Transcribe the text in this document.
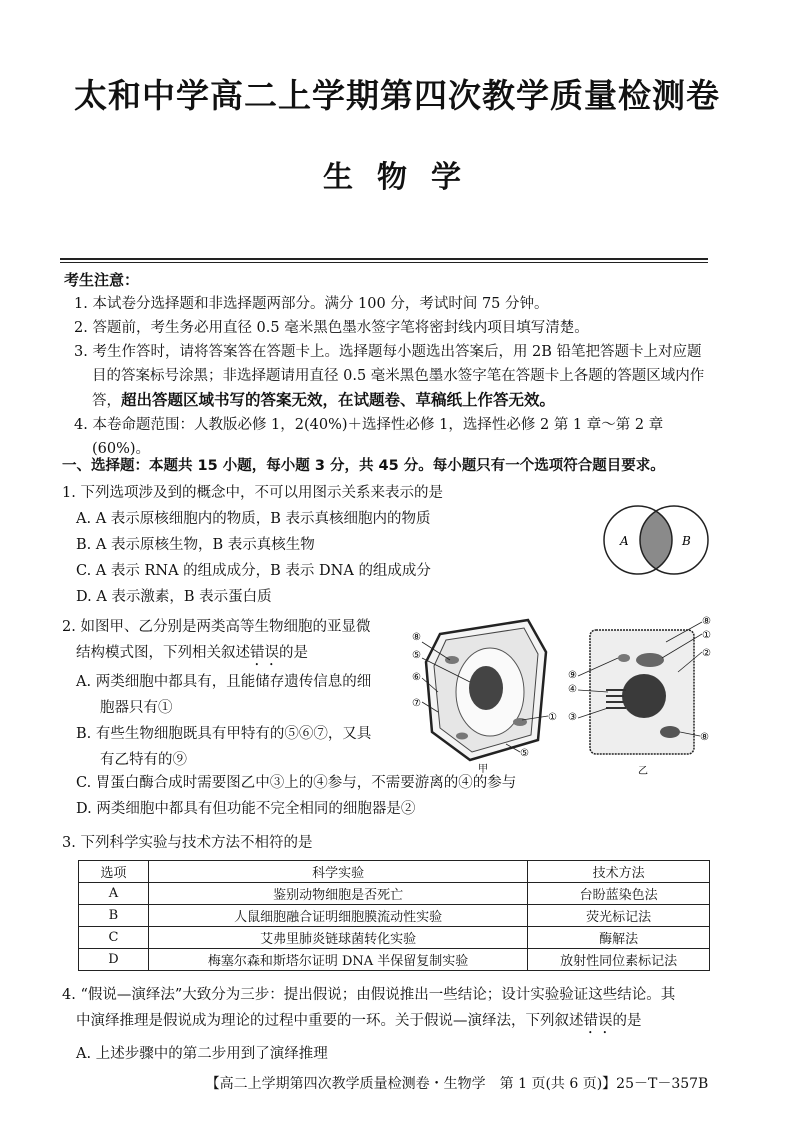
太和中学高二上学期第四次教学质量检测卷
生物学
考生注意：
1. 本试卷分选择题和非选择题两部分。满分 100 分，考试时间 75 分钟。
2. 答题前，考生务必用直径 0.5 毫米黑色墨水签字笔将密封线内项目填写清楚。
3. 考生作答时，请将答案答在答题卡上。选择题每小题选出答案后，用 2B 铅笔把答题卡上对应题目的答案标号涂黑；非选择题请用直径 0.5 毫米黑色墨水签字笔在答题卡上各题的答题区域内作答，超出答题区域书写的答案无效，在试题卷、草稿纸上作答无效。
4. 本卷命题范围：人教版必修 1，2(40%)＋选择性必修 1，选择性必修 2 第 1 章～第 2 章(60%)。
一、选择题：本题共 15 小题，每小题 3 分，共 45 分。每小题只有一个选项符合题目要求。
1. 下列选项涉及到的概念中，不可以用图示关系来表示的是
A. A 表示原核细胞内的物质，B 表示真核细胞内的物质
B. A 表示原核生物，B 表示真核生物
C. A 表示 RNA 的组成成分，B 表示 DNA 的组成成分
D. A 表示激素，B 表示蛋白质
A	B
2. 如图甲、乙分别是两类高等生物细胞的亚显微
结构模式图，下列相关叙述错误的是
A. 两类细胞中都具有，且能储存遗传信息的细
胞器只有①
B. 有些生物细胞既具有甲特有的⑤⑥⑦，又具
有乙特有的⑨
C. 胃蛋白酶合成时需要图乙中③上的④参与，不需要游离的④的参与
D. 两类细胞中都具有但功能不完全相同的细胞器是②
⑧
⑤
⑥
⑦
①
⑤
甲
⑧
①
②
⑨
④
③
⑧
乙
3. 下列科学实验与技术方法不相符的是
选项	科学实验	技术方法
A	鉴别动物细胞是否死亡	台盼蓝染色法
B	人鼠细胞融合证明细胞膜流动性实验	荧光标记法
C	艾弗里肺炎链球菌转化实验	酶解法
D	梅塞尔森和斯塔尔证明 DNA 半保留复制实验	放射性同位素标记法
4. “假说—演绎法”大致分为三步：提出假说；由假说推出一些结论；设计实验验证这些结论。其
中演绎推理是假说成为理论的过程中重要的一环。关于假说—演绎法，下列叙述错误的是
A. 上述步骤中的第二步用到了演绎推理
【高二上学期第四次教学质量检测卷・生物学　第 1 页(共 6 页)】25－T－357B
